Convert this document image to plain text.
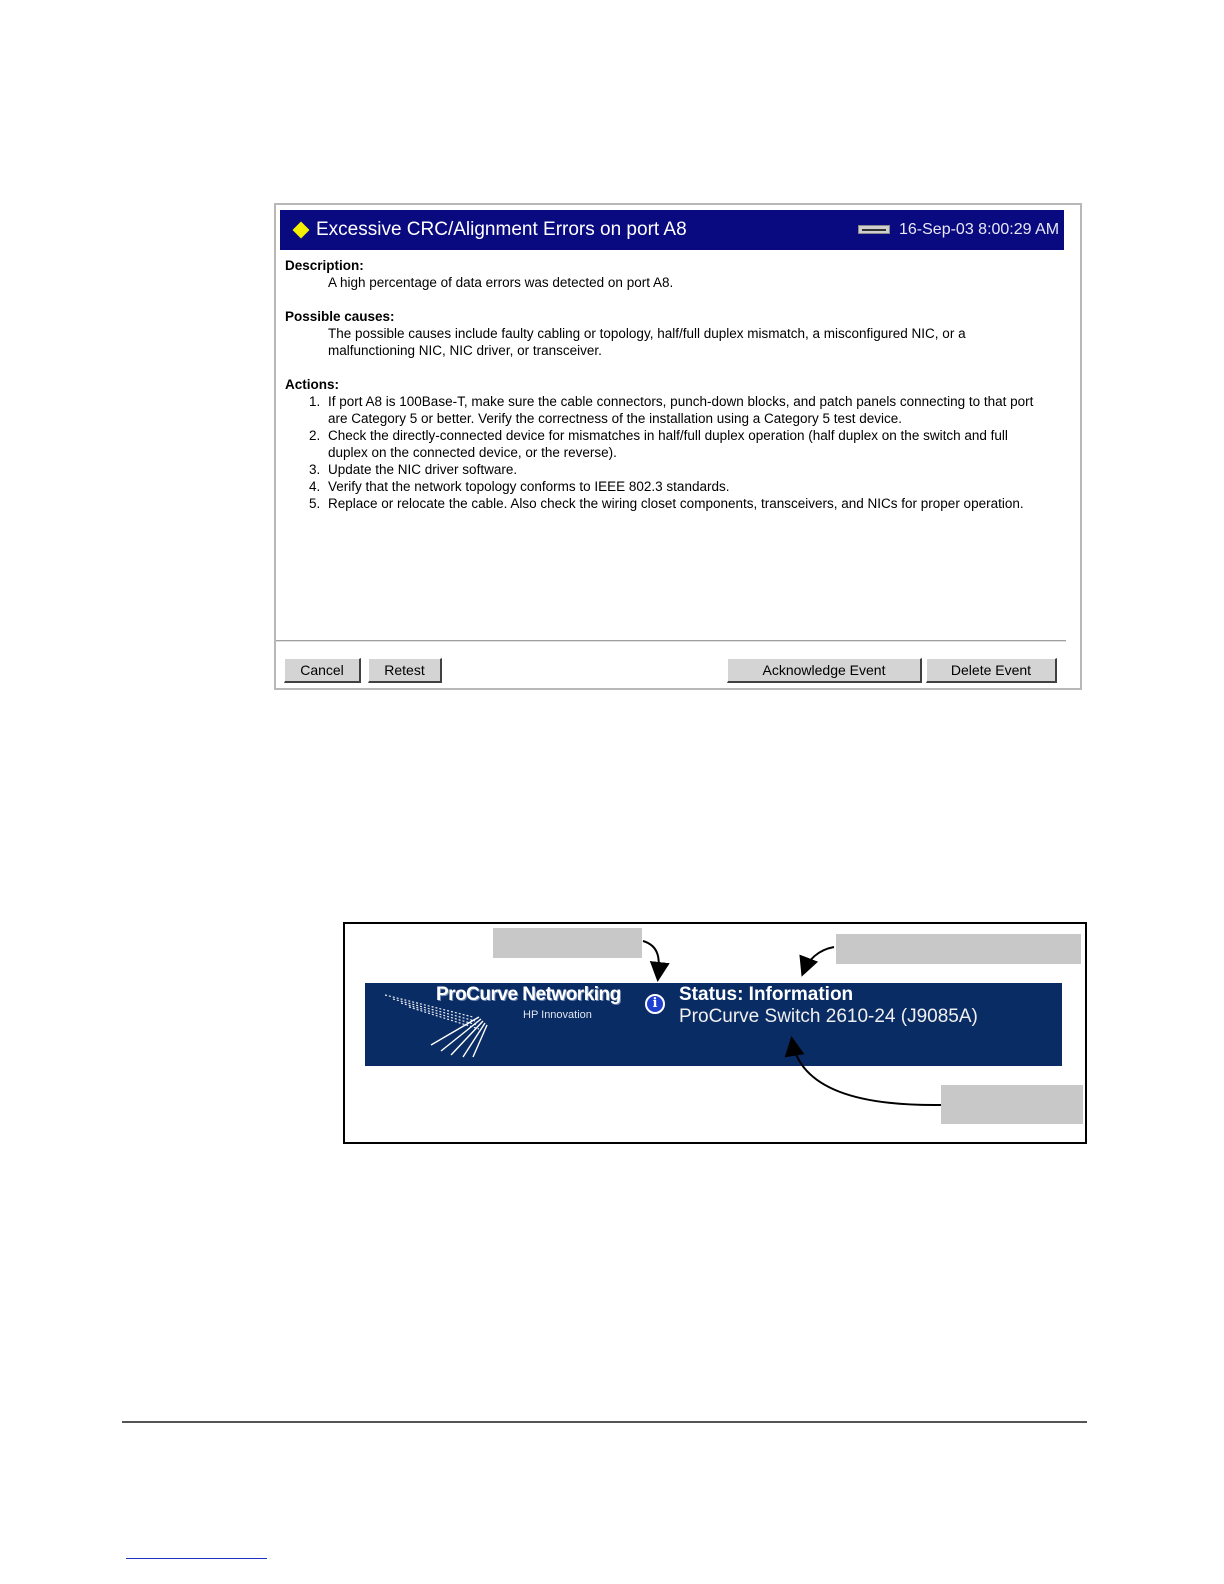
Excessive CRC/Alignment Errors on port A8	16-Sep-03 8:00:29 AM

Description:

A high percentage of data errors was detected on port A8.

Possible causes:

The possible causes include faulty cabling or topology, half/full duplex mismatch, a misconfigured NIC, or a

malfunctioning NIC, NIC driver, or transceiver.

Actions:

1. If port A8 is 100Base-T, make sure the cable connectors, punch-down blocks, and patch panels connecting to that port
are Category 5 or better. Verify the correctness of the installation using a Category 5 test device.
2. Check the directly-connected device for mismatches in half/full duplex operation (half duplex on the switch and full
duplex on the connected device, or the reverse).
3. Update the NIC driver software.
4. Verify that the network topology conforms to IEEE 802.3 standards.
5. Replace or relocate the cable. Also check the wiring closet components, transceivers, and NICs for proper operation.
Cancel	Retest	Acknowledge Event	Delete Event
ProCurve Networking
HP Innovation
i	Status: Information
ProCurve Switch 2610-24 (J9085A)
